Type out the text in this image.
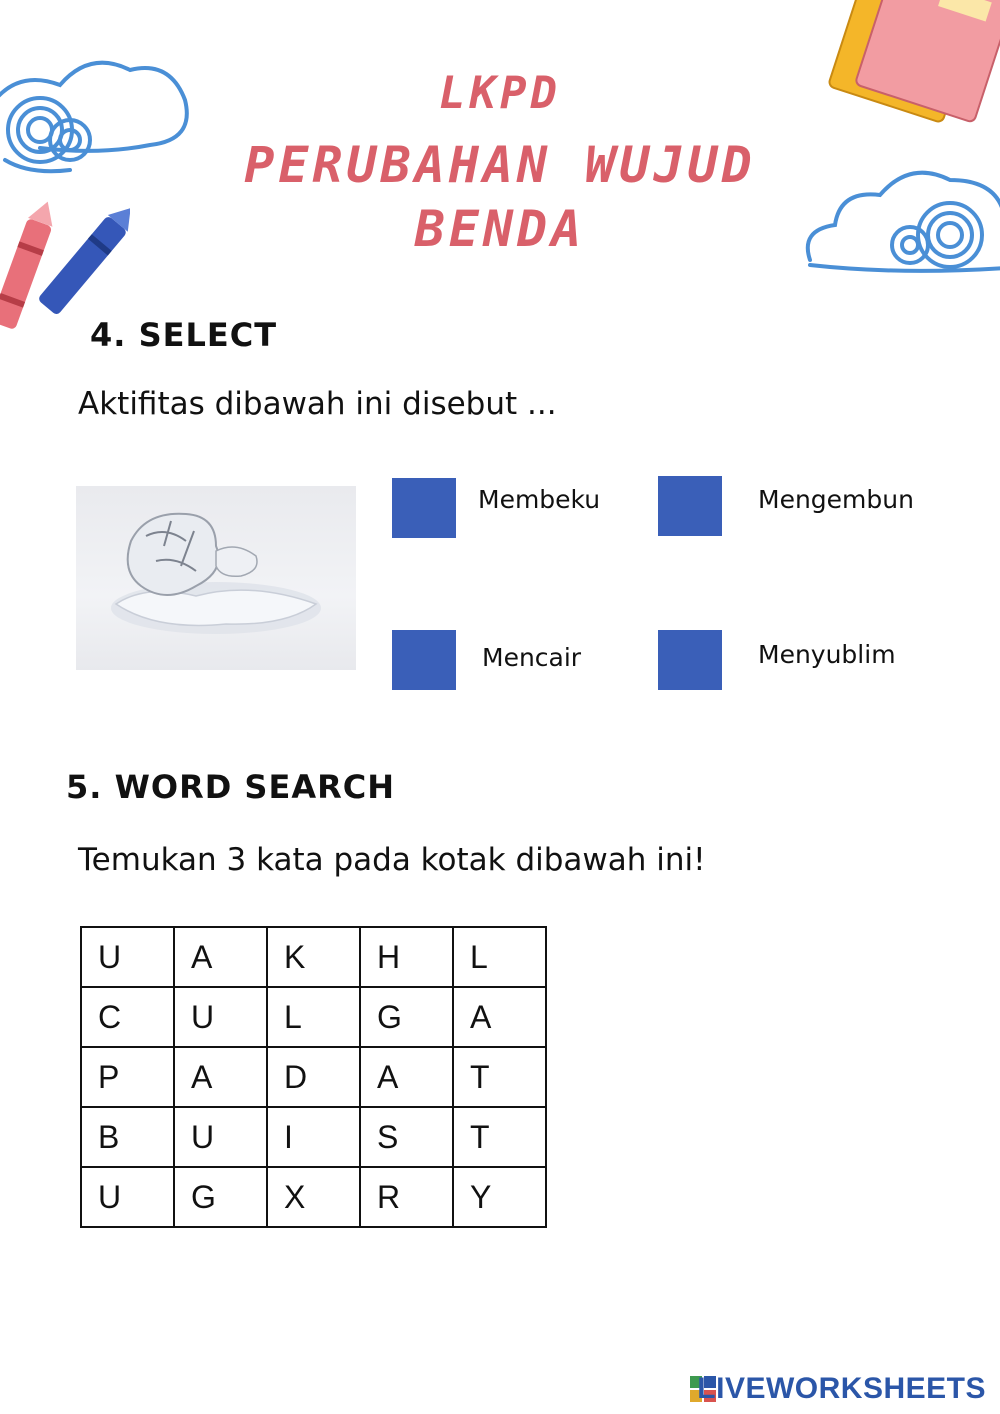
LKPD
PERUBAHAN WUJUD
BENDA
4. SELECT
Aktifitas dibawah ini disebut ...
Membeku	Mengembun
Mencair	Menyublim
5. WORD SEARCH
Temukan 3 kata pada kotak dibawah ini!
U	A	K	H	L
C	U	L	G	A
P	A	D	A	T
B	U	I	S	T
U	G	X	R	Y
LIVEWORKSHEETS
